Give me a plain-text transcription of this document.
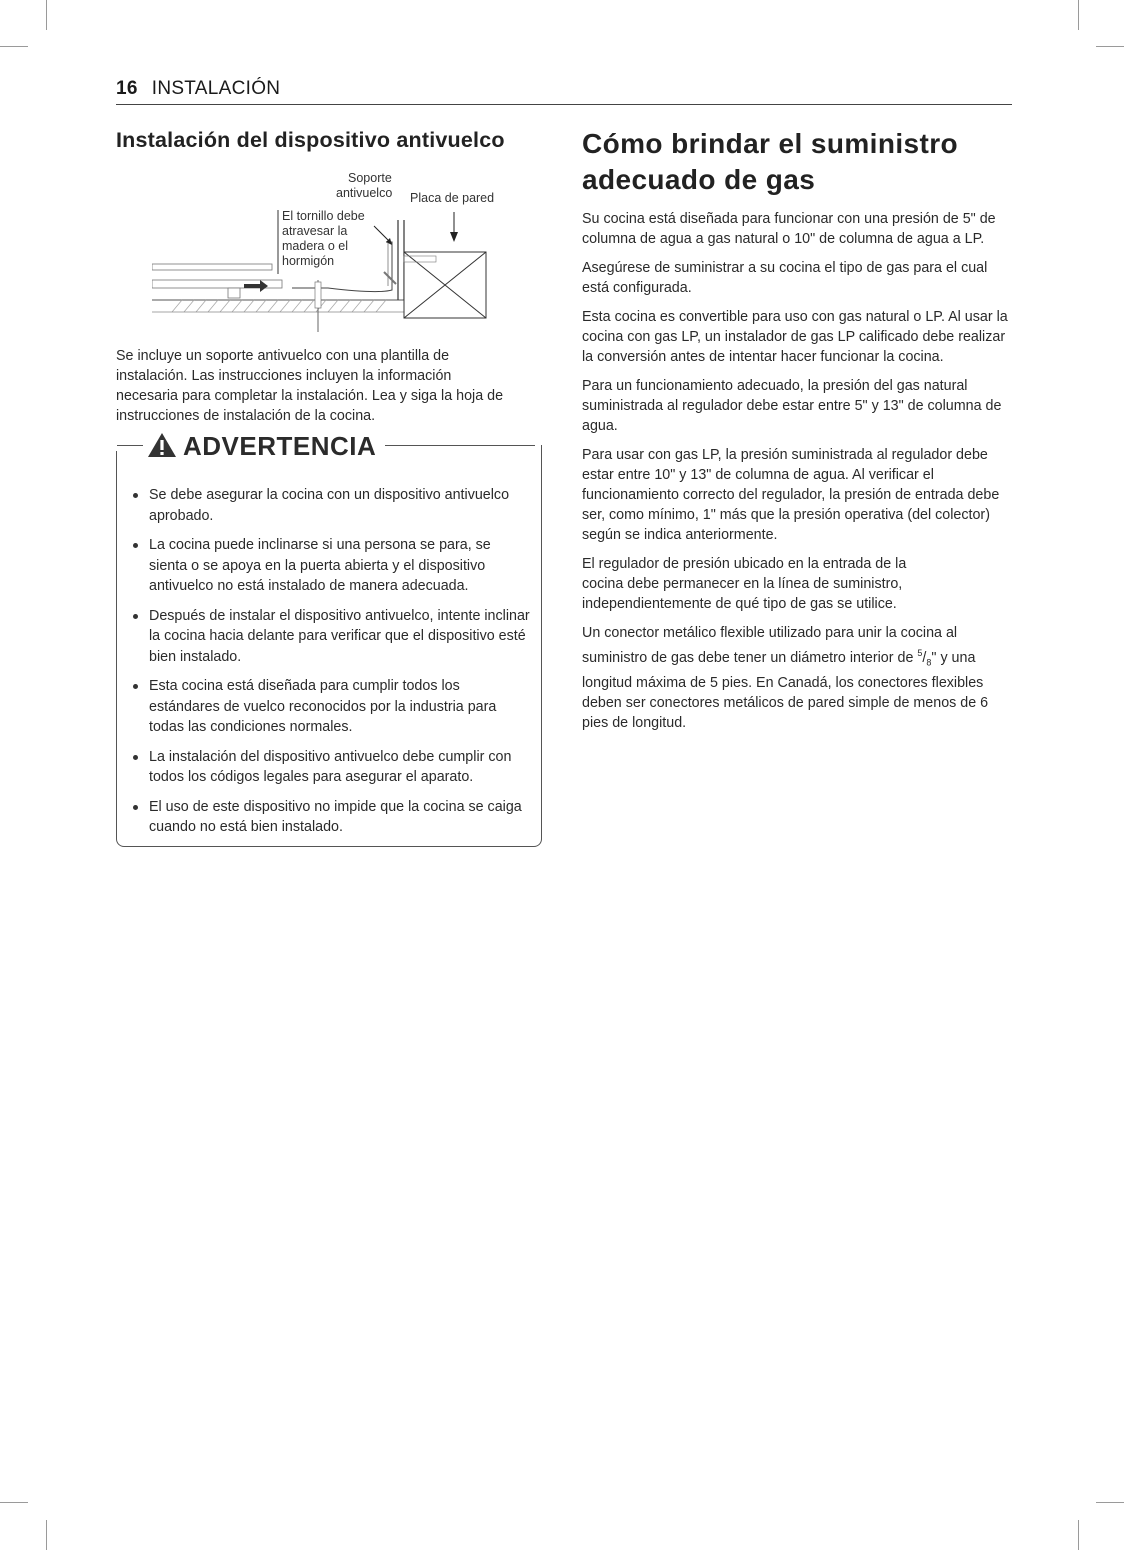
16 INSTALACIÓN
Instalación del dispositivo antivuelco
Soporte
antivuelco Placa de pared
El tornillo debe
atravesar la
madera o el
hormigón

Se incluye un soporte antivuelco con una plantilla de instalación. Las instrucciones incluyen la información necesaria para completar la instalación. Lea y siga la hoja de instrucciones de instalación de la cocina.

ADVERTENCIA
Se debe asegurar la cocina con un dispositivo antivuelco aprobado.
La cocina puede inclinarse si una persona se para, se sienta o se apoya en la puerta abierta y el dispositivo antivuelco no está instalado de manera adecuada.
Después de instalar el dispositivo antivuelco, intente inclinar la cocina hacia delante para verificar que el dispositivo esté bien instalado.
Esta cocina está diseñada para cumplir todos los estándares de vuelco reconocidos por la industria para todas las condiciones normales.
La instalación del dispositivo antivuelco debe cumplir con todos los códigos legales para asegurar el aparato.
El uso de este dispositivo no impide que la cocina se caiga cuando no está bien instalado.
Cómo brindar el suministro adecuado de gas

Su cocina está diseñada para funcionar con una presión de 5" de columna de agua a gas natural o 10" de columna de agua a LP.

Asegúrese de suministrar a su cocina el tipo de gas para el cual está configurada.

Esta cocina es convertible para uso con gas natural o LP. Al usar la cocina con gas LP, un instalador de gas LP calificado debe realizar la conversión antes de intentar hacer funcionar la cocina.

Para un funcionamiento adecuado, la presión del gas natural suministrada al regulador debe estar entre 5" y 13" de columna de agua.

Para usar con gas LP, la presión suministrada al regulador debe estar entre 10" y 13" de columna de agua. Al verificar el funcionamiento correcto del regulador, la presión de entrada debe ser, como mínimo, 1" más que la presión operativa (del colector) según se indica anteriormente.

El regulador de presión ubicado en la entrada de la cocina debe permanecer en la línea de suministro, independientemente de qué tipo de gas se utilice.

Un conector metálico flexible utilizado para unir la cocina al suministro de gas debe tener un diámetro interior de $^5/_8$" y una longitud máxima de 5 pies. En Canadá, los conectores flexibles deben ser conectores metálicos de pared simple de menos de 6 pies de longitud.
